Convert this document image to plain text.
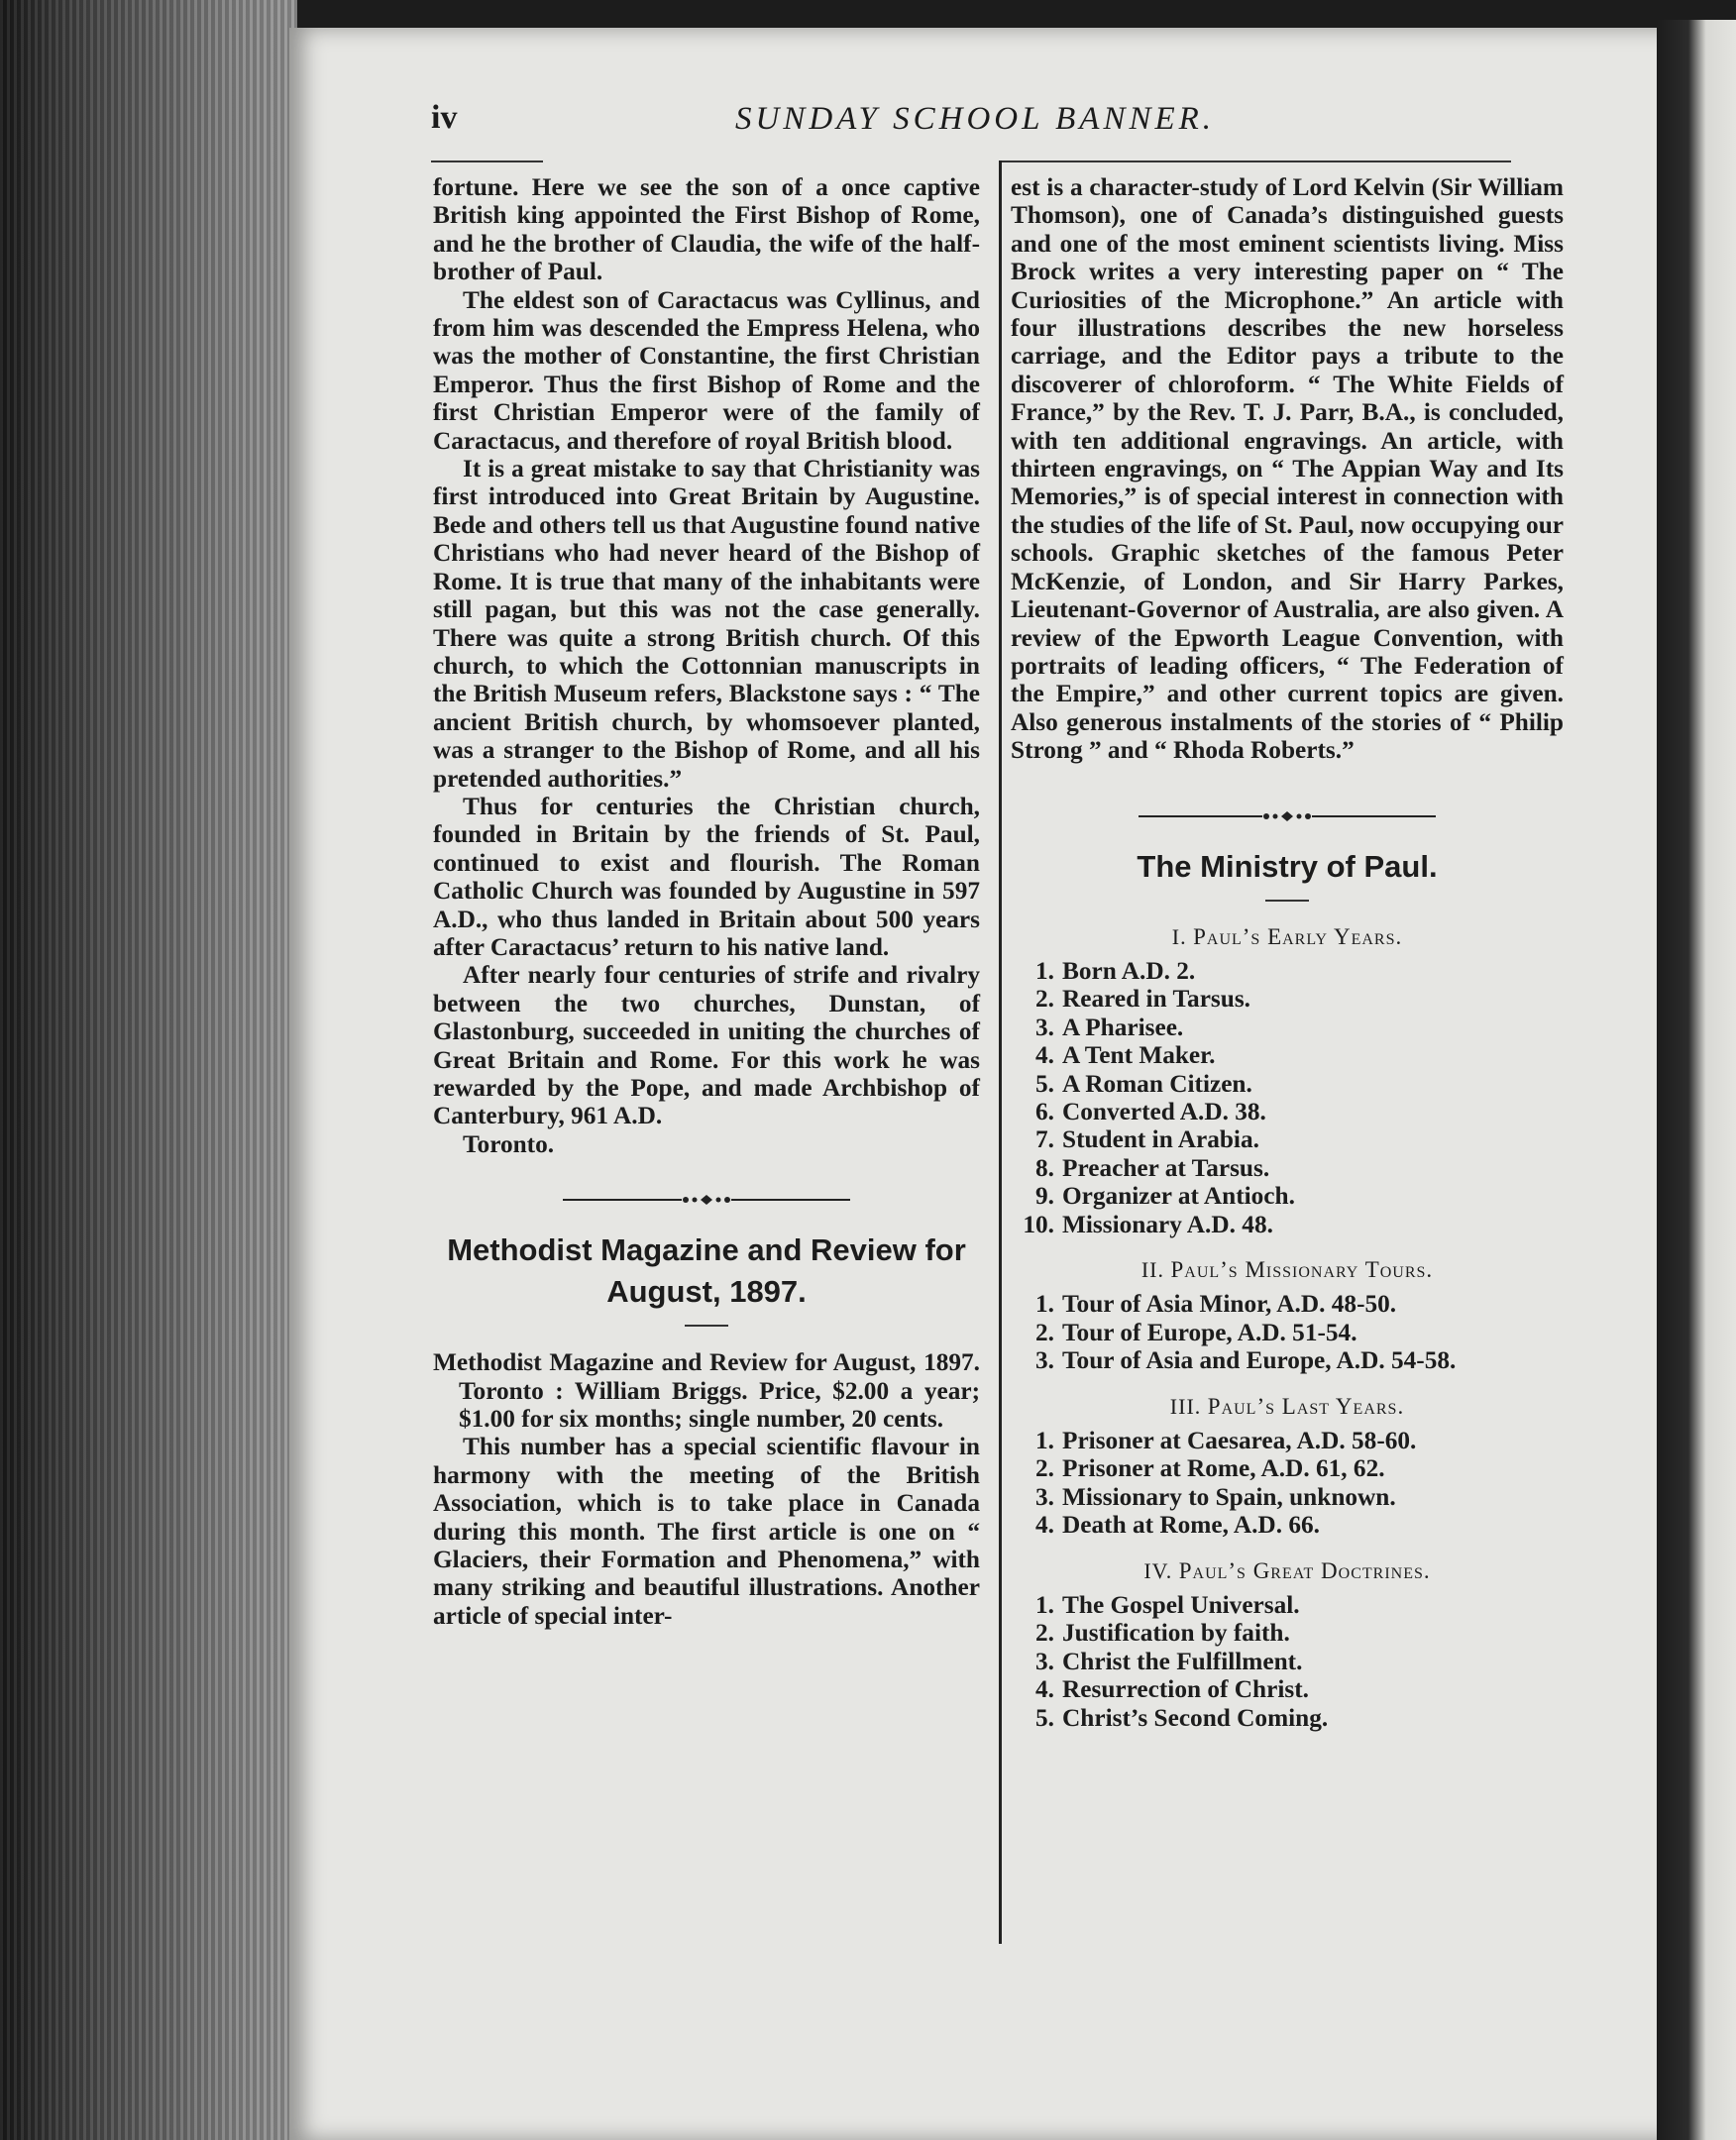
iv	SUNDAY SCHOOL BANNER.

fortune. Here we see the son of a once captive British king appointed the First Bishop of Rome, and he the brother of Claudia, the wife of the half-brother of Paul.

The eldest son of Caractacus was Cyllinus, and from him was descended the Empress Helena, who was the mother of Constantine, the first Christian Emperor. Thus the first Bishop of Rome and the first Christian Emperor were of the family of Caractacus, and therefore of royal British blood.

It is a great mistake to say that Christianity was first introduced into Great Britain by Augustine. Bede and others tell us that Augustine found native Christians who had never heard of the Bishop of Rome. It is true that many of the inhabitants were still pagan, but this was not the case generally. There was quite a strong British church. Of this church, to which the Cottonnian manuscripts in the British Museum refers, Blackstone says : “ The ancient British church, by whomsoever planted, was a stranger to the Bishop of Rome, and all his pretended authorities.”

Thus for centuries the Christian church, founded in Britain by the friends of St. Paul, continued to exist and flourish. The Roman Catholic Church was founded by Augustine in 597 A.D., who thus landed in Britain about 500 years after Caractacus’ return to his native land.

After nearly four centuries of strife and rivalry between the two churches, Dunstan, of Glastonburg, succeeded in uniting the churches of Great Britain and Rome. For this work he was rewarded by the Pope, and made Archbishop of Canterbury, 961 A.D.

Toronto.

Methodist Magazine and Review for August, 1897.

Methodist Magazine and Review for August, 1897. Toronto : William Briggs. Price, $2.00 a year; $1.00 for six months; single number, 20 cents.

This number has a special scientific flavour in harmony with the meeting of the British Association, which is to take place in Canada during this month. The first article is one on “ Glaciers, their Formation and Phenomena,” with many striking and beautiful illustrations. Another article of special inter-

est is a character-study of Lord Kelvin (Sir William Thomson), one of Canada’s distinguished guests and one of the most eminent scientists living. Miss Brock writes a very interesting paper on “ The Curiosities of the Microphone.” An article with four illustrations describes the new horseless carriage, and the Editor pays a tribute to the discoverer of chloroform. “ The White Fields of France,” by the Rev. T. J. Parr, B.A., is concluded, with ten additional engravings. An article, with thirteen engravings, on “ The Appian Way and Its Memories,” is of special interest in connection with the studies of the life of St. Paul, now occupying our schools. Graphic sketches of the famous Peter McKenzie, of London, and Sir Harry Parkes, Lieutenant-Governor of Australia, are also given. A review of the Epworth League Convention, with portraits of leading officers, “ The Federation of the Empire,” and other current topics are given. Also generous instalments of the stories of “ Philip Strong ” and “ Rhoda Roberts.”

The Ministry of Paul.
I. Paul’s Early Years.
1. Born A.D. 2.
2. Reared in Tarsus.
3. A Pharisee.
4. A Tent Maker.
5. A Roman Citizen.
6. Converted A.D. 38.
7. Student in Arabia.
8. Preacher at Tarsus.
9. Organizer at Antioch.
10. Missionary A.D. 48.
II. Paul’s Missionary Tours.
1. Tour of Asia Minor, A.D. 48-50.
2. Tour of Europe, A.D. 51-54.
3. Tour of Asia and Europe, A.D. 54-58.
III. Paul’s Last Years.
1. Prisoner at Caesarea, A.D. 58-60.
2. Prisoner at Rome, A.D. 61, 62.
3. Missionary to Spain, unknown.
4. Death at Rome, A.D. 66.
IV. Paul’s Great Doctrines.
1. The Gospel Universal.
2. Justification by faith.
3. Christ the Fulfillment.
4. Resurrection of Christ.
5. Christ’s Second Coming.
